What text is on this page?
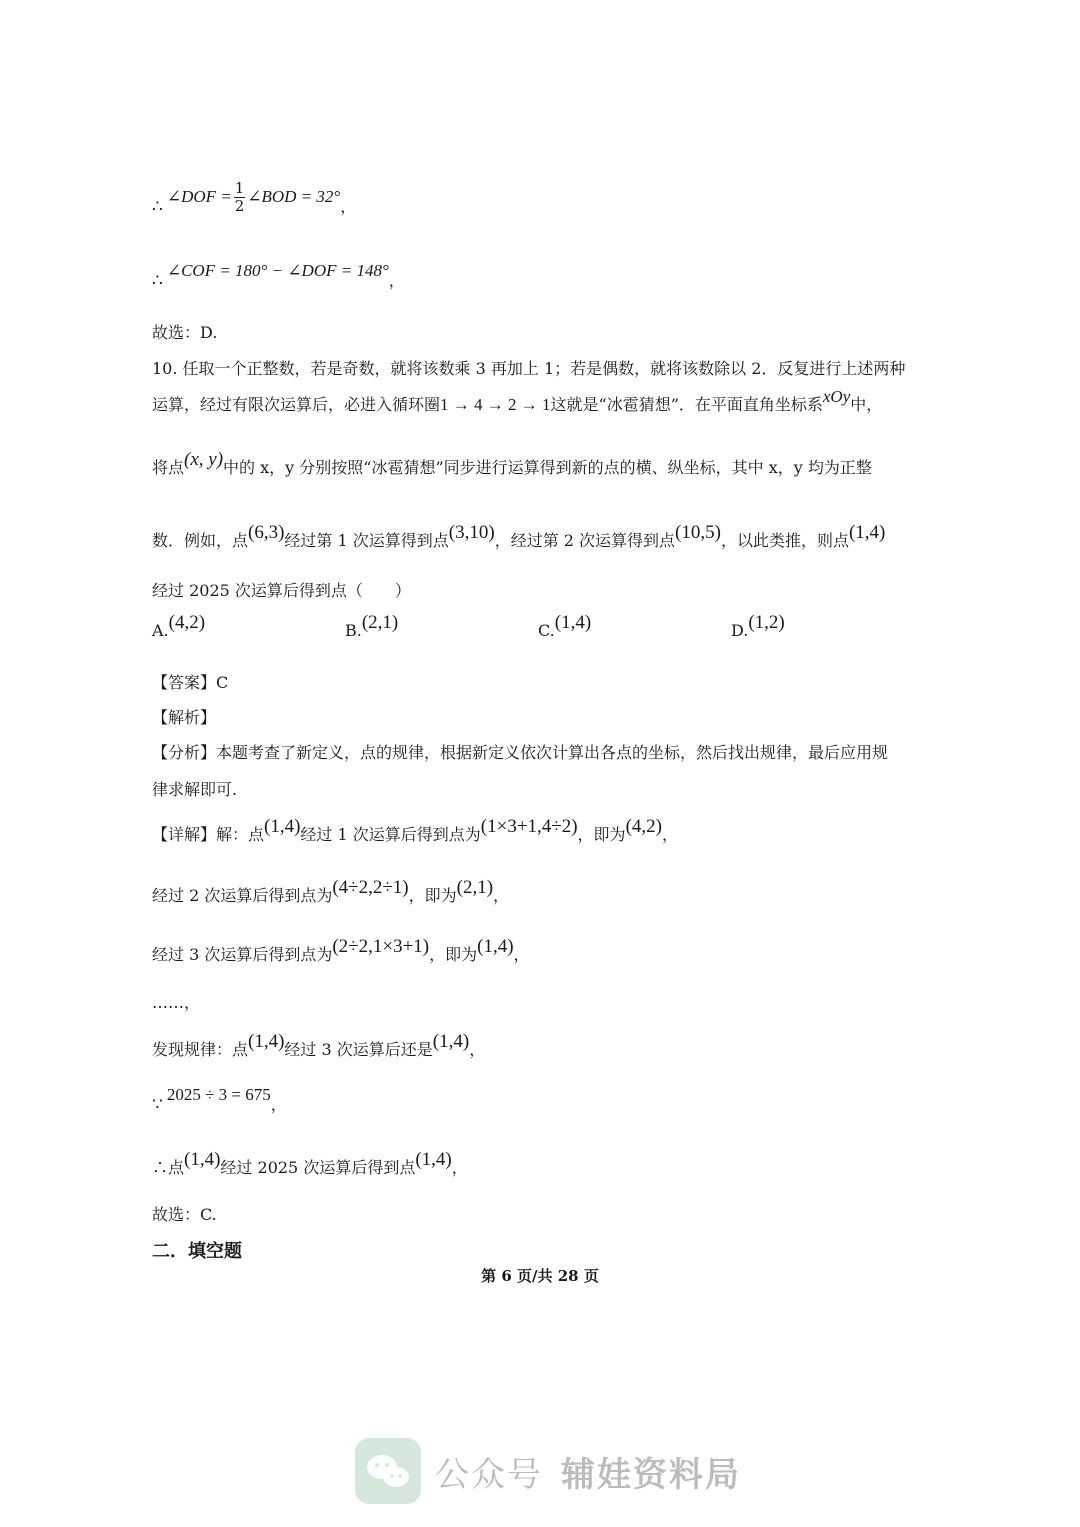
∴∠DOF = $\frac{1}{2}$ ∠BOD = 32°，
∴∠COF = 180° − ∠DOF = 148°，
故选：D.
10. 任取一个正整数，若是奇数，就将该数乘 3 再加上 1；若是偶数，就将该数除以 2．反复进行上述两种
运算，经过有限次运算后，必进入循环圈1 → 4 → 2 → 1这就是“冰雹猜想”．在平面直角坐标系xOy中，
将点(x, y)中的 x，y 分别按照“冰雹猜想”同步进行运算得到新的点的横、纵坐标，其中 x，y 均为正整
数．例如，点(6,3)经过第 1 次运算得到点(3,10)，经过第 2 次运算得到点(10,5)，以此类推，则点(1,4)
经过 2025 次运算后得到点（　　）
A.(4,2)	B.(2,1)	C.(1,4)	D.(1,2)
【答案】C
【解析】
【分析】本题考查了新定义，点的规律，根据新定义依次计算出各点的坐标，然后找出规律，最后应用规
律求解即可.
【详解】解：点(1,4)经过 1 次运算后得到点为(1×3+1,4÷2)，即为(4,2)，
经过 2 次运算后得到点为(4÷2,2÷1)，即为(2,1)，
经过 3 次运算后得到点为(2÷2,1×3+1)，即为(1,4)，
……，
发现规律：点(1,4)经过 3 次运算后还是(1,4)，
∵2025 ÷ 3 = 675，
∴点(1,4)经过 2025 次运算后得到点(1,4)，
故选：C.
二．填空题
第 6 页/共 28 页
公众号 辅娃资料局
